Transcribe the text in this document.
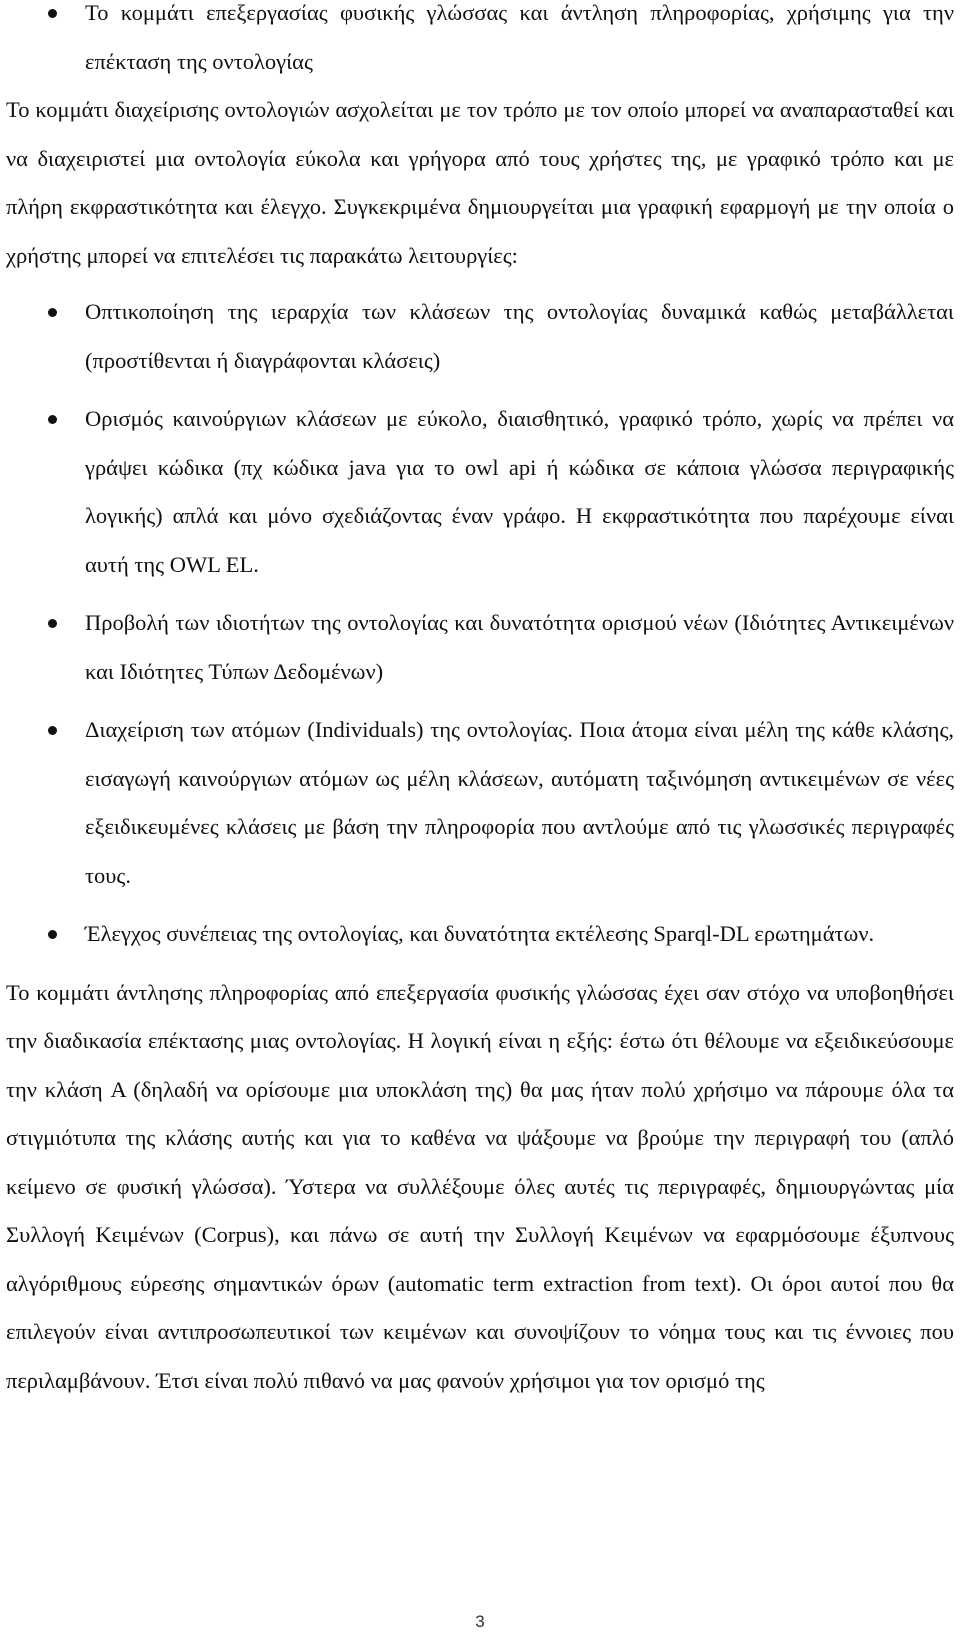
Το κομμάτι επεξεργασίας φυσικής γλώσσας και άντληση πληροφορίας, χρήσιμης για την επέκταση της οντολογίας

Το κομμάτι διαχείρισης οντολογιών ασχολείται με τον τρόπο με τον οποίο μπορεί να αναπαρασταθεί και να διαχειριστεί μια οντολογία εύκολα και γρήγορα από τους χρήστες της, με γραφικό τρόπο και με πλήρη εκφραστικότητα και έλεγχο. Συγκεκριμένα δημιουργείται μια γραφική εφαρμογή με την οποία ο χρήστης μπορεί να επιτελέσει τις παρακάτω λειτουργίες:

Οπτικοποίηση της ιεραρχία των κλάσεων της οντολογίας δυναμικά καθώς μεταβάλλεται (προστίθενται ή διαγράφονται κλάσεις)

Ορισμός καινούργιων κλάσεων με εύκολο, διαισθητικό, γραφικό τρόπο, χωρίς να πρέπει να γράψει κώδικα (πχ κώδικα java για το owl api ή κώδικα σε κάποια γλώσσα περιγραφικής λογικής) απλά και μόνο σχεδιάζοντας έναν γράφο. Η εκφραστικότητα που παρέχουμε είναι αυτή της OWL EL.

Προβολή των ιδιοτήτων της οντολογίας και δυνατότητα ορισμού νέων (Ιδιότητες Αντικειμένων και Ιδιότητες Τύπων Δεδομένων)

Διαχείριση των ατόμων (Individuals) της οντολογίας. Ποια άτομα είναι μέλη της κάθε κλάσης, εισαγωγή καινούργιων ατόμων ως μέλη κλάσεων, αυτόματη ταξινόμηση αντικειμένων σε νέες εξειδικευμένες κλάσεις με βάση την πληροφορία που αντλούμε από τις γλωσσικές περιγραφές τους.

Έλεγχος συνέπειας της οντολογίας, και δυνατότητα εκτέλεσης Sparql-DL ερωτημάτων.

Το κομμάτι άντλησης πληροφορίας από επεξεργασία φυσικής γλώσσας έχει σαν στόχο να υποβοηθήσει την διαδικασία επέκτασης μιας οντολογίας. Η λογική είναι η εξής: έστω ότι θέλουμε να εξειδικεύσουμε την κλάση A (δηλαδή να ορίσουμε μια υποκλάση της) θα μας ήταν πολύ χρήσιμο να πάρουμε όλα τα στιγμιότυπα της κλάσης αυτής και για το καθένα να ψάξουμε να βρούμε την περιγραφή του (απλό κείμενο σε φυσική γλώσσα). Ύστερα να συλλέξουμε όλες αυτές τις περιγραφές, δημιουργώντας μία Συλλογή Κειμένων (Corpus), και πάνω σε αυτή την Συλλογή Κειμένων να εφαρμόσουμε έξυπνους αλγόριθμους εύρεσης σημαντικών όρων (automatic term extraction from text). Οι όροι αυτοί που θα επιλεγούν είναι αντιπροσωπευτικοί των κειμένων και συνοψίζουν το νόημα τους και τις έννοιες που περιλαμβάνουν. Έτσι είναι πολύ πιθανό να μας φανούν χρήσιμοι για τον ορισμό της

3
